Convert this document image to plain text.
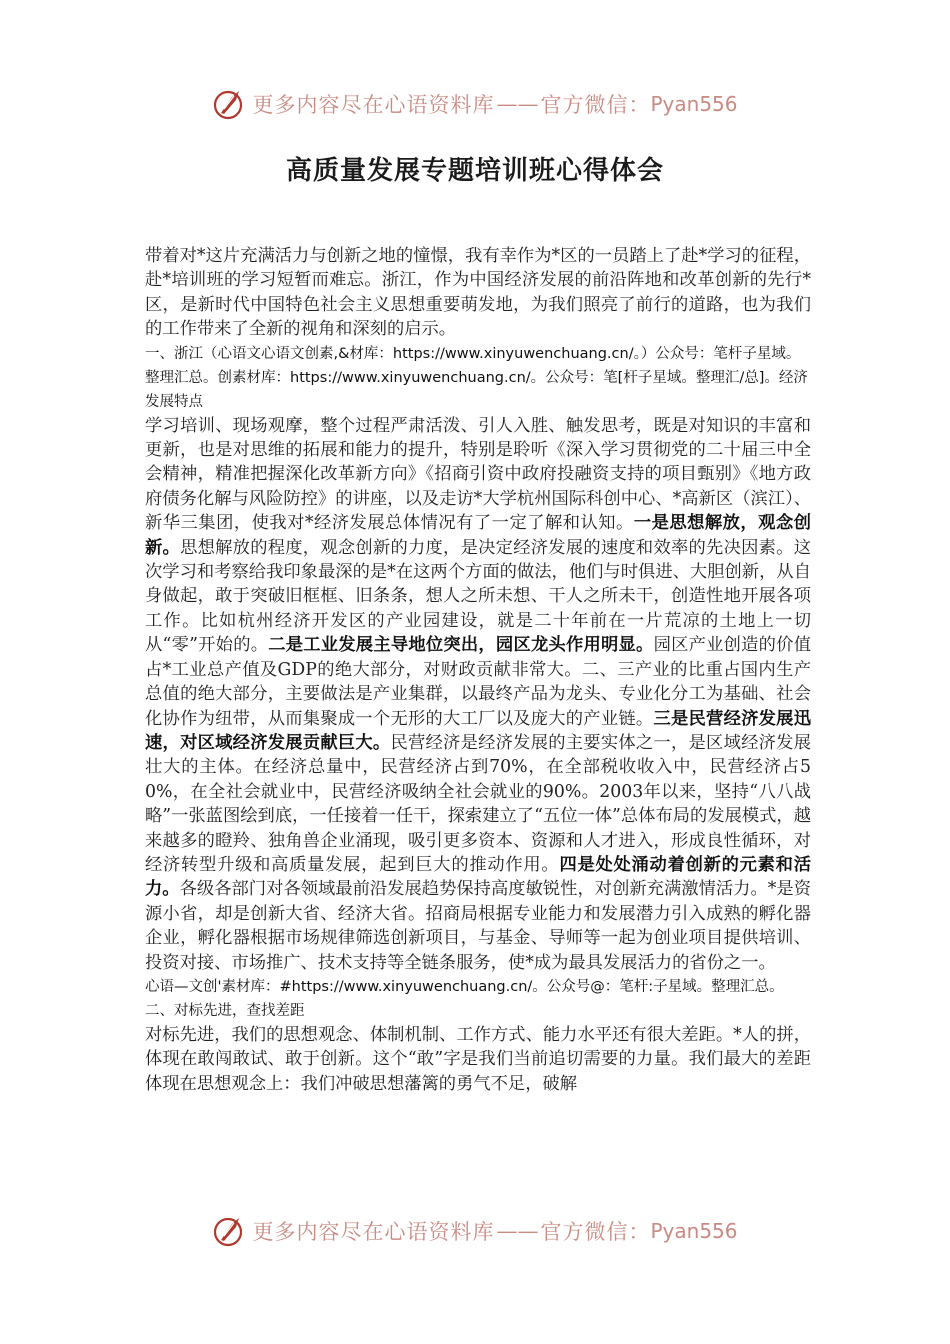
更多内容尽在心语资料库 —— 官方微信： Pyan556
高质量发展专题培训班心得体会

带着对*这片充满活力与创新之地的憧憬，我有幸作为*区的一员踏上了赴*学习的征程，赴*培训班的学习短暂而难忘。浙江，作为中国经济发展的前沿阵地和改革创新的先行*区，是新时代中国特色社会主义思想重要萌发地，为我们照亮了前行的道路，也为我们的工作带来了全新的视角和深刻的启示。

一、浙江（心语文心语文创素,&材库：https://www.xinyuwenchuang.cn/。）公众号：笔杆子星域。整理汇总。创素材库：https://www.xinyuwenchuang.cn/。公众号：笔[杆子星域。整理汇/总]。经济发展特点

学习培训、现场观摩，整个过程严肃活泼、引人入胜、触发思考，既是对知识的丰富和更新，也是对思维的拓展和能力的提升，特别是聆听《深入学习贯彻党的二十届三中全会精神，精准把握深化改革新方向》《招商引资中政府投融资支持的项目甄别》《地方政府债务化解与风险防控》的讲座，以及走访*大学杭州国际科创中心、*高新区（滨江）、新华三集团，使我对*经济发展总体情况有了一定了解和认知。一是思想解放，观念创新。思想解放的程度，观念创新的力度，是决定经济发展的速度和效率的先决因素。这次学习和考察给我印象最深的是*在这两个方面的做法，他们与时俱进、大胆创新，从自身做起，敢于突破旧框框、旧条条，想人之所未想、干人之所未干，创造性地开展各项工作。比如杭州经济开发区的产业园建设，就是二十年前在一片荒凉的土地上一切从“零”开始的。二是工业发展主导地位突出，园区龙头作用明显。园区产业创造的价值占*工业总产值及GDP的绝大部分，对财政贡献非常大。二、三产业的比重占国内生产总值的绝大部分，主要做法是产业集群，以最终产品为龙头、专业化分工为基础、社会化协作为纽带，从而集聚成一个无形的大工厂以及庞大的产业链。三是民营经济发展迅速，对区域经济发展贡献巨大。民营经济是经济发展的主要实体之一，是区域经济发展壮大的主体。在经济总量中，民营经济占到70%，在全部税收收入中，民营经济占50%，在全社会就业中，民营经济吸纳全社会就业的90%。2003年以来，坚持“八八战略”一张蓝图绘到底，一任接着一任干，探索建立了“五位一体”总体布局的发展模式，越来越多的瞪羚、独角兽企业涌现，吸引更多资本、资源和人才进入，形成良性循环，对经济转型升级和高质量发展，起到巨大的推动作用。四是处处涌动着创新的元素和活力。各级各部门对各领域最前沿发展趋势保持高度敏锐性，对创新充满激情活力。*是资源小省，却是创新大省、经济大省。招商局根据专业能力和发展潜力引入成熟的孵化器企业，孵化器根据市场规律筛选创新项目，与基金、导师等一起为创业项目提供培训、投资对接、市场推广、技术支持等全链条服务，使*成为最具发展活力的省份之一。

心语—文创'素材库：#https://www.xinyuwenchuang.cn/。公众号@：笔杆:子星域。整理汇总。二、对标先进，查找差距

对标先进，我们的思想观念、体制机制、工作方式、能力水平还有很大差距。*人的拼，体现在敢闯敢试、敢于创新。这个“敢”字是我们当前追切需要的力量。我们最大的差距体现在思想观念上：我们冲破思想藩篱的勇气不足，破解

更多内容尽在心语资料库 —— 官方微信： Pyan556
